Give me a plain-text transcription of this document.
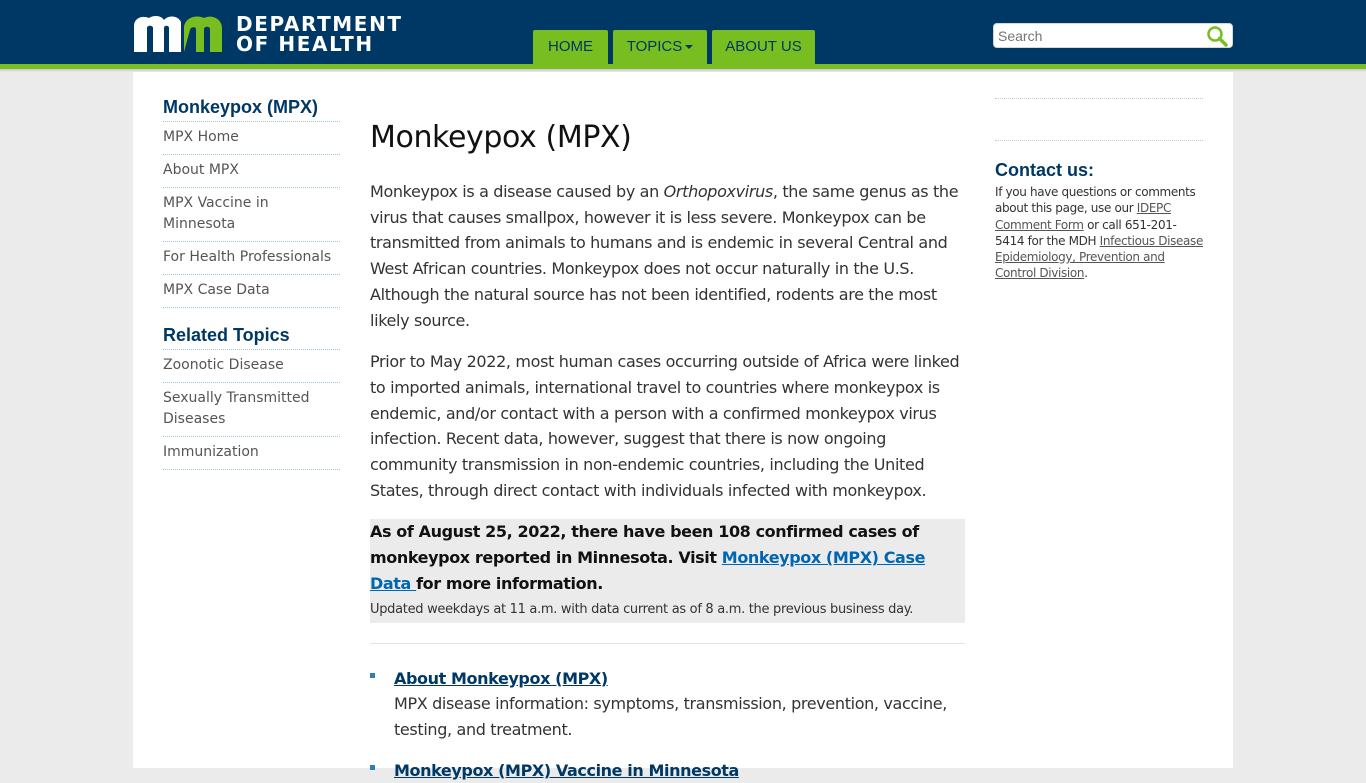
DEPARTMENT
OF HEALTH	HOME	TOPICS	ABOUT US
Search
Monkeypox (MPX)
MPX Home
About MPX
MPX Vaccine in Minnesota
For Health Professionals
MPX Case Data
Related Topics
Zoonotic Disease
Sexually Transmitted Diseases
Immunization
Monkeypox (MPX)

Monkeypox is a disease caused by an Orthopoxvirus, the same genus as the virus that causes smallpox, however it is less severe. Monkeypox can be transmitted from animals to humans and is endemic in several Central and West African countries. Monkeypox does not occur naturally in the U.S. Although the natural source has not been identified, rodents are the most likely source.

Prior to May 2022, most human cases occurring outside of Africa were linked to imported animals, international travel to countries where monkeypox is endemic, and/or contact with a person with a confirmed monkeypox virus infection. Recent data, however, suggest that there is now ongoing community transmission in non-endemic countries, including the United States, through direct contact with individuals infected with monkeypox.

As of August 25, 2022, there have been 108 confirmed cases of monkeypox reported in Minnesota. Visit Monkeypox (MPX) Case Data for more information.
Updated weekdays at 11 a.m. with data current as of 8 a.m. the previous business day.
About Monkeypox (MPX)
MPX disease information: symptoms, transmission, prevention, vaccine, testing, and treatment.
Monkeypox (MPX) Vaccine in Minnesota
Contact us:
If you have questions or comments about this page, use our IDEPC Comment Form or call 651-201-5414 for the MDH Infectious Disease Epidemiology, Prevention and Control Division.
